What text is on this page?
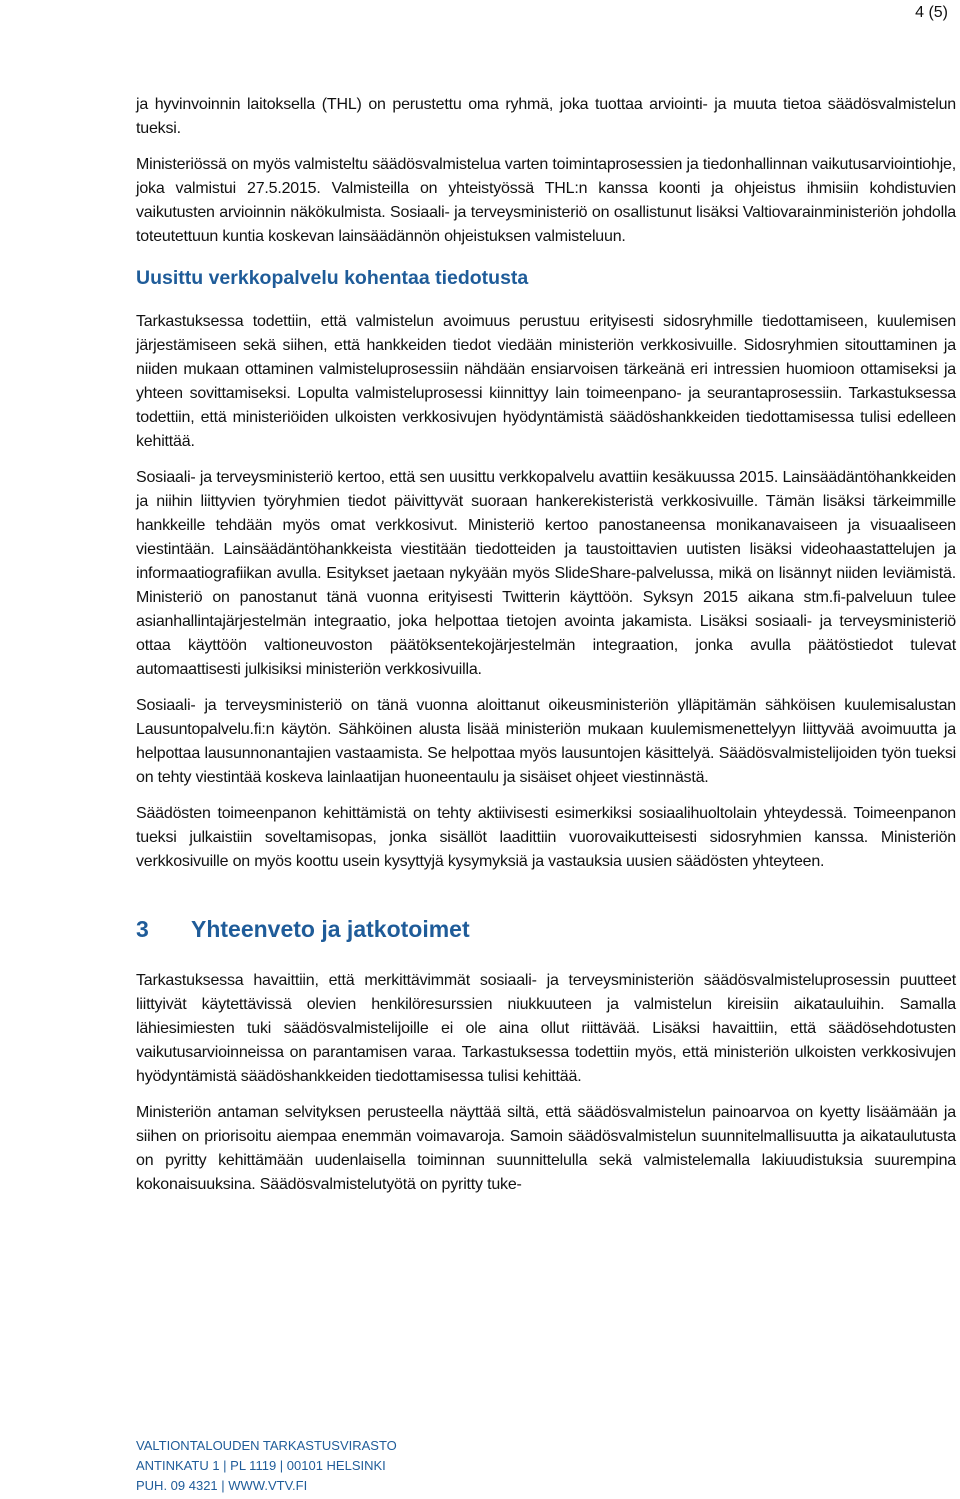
4 (5)

ja hyvinvoinnin laitoksella (THL) on perustettu oma ryhmä, joka tuottaa arviointi- ja muuta tietoa säädösvalmistelun tueksi.

Ministeriössä on myös valmisteltu säädösvalmistelua varten toimintaprosessien ja tiedonhallinnan vaikutusarviointiohje, joka valmistui 27.5.2015. Valmisteilla on yhteistyössä THL:n kanssa koonti ja ohjeistus ihmisiin kohdistuvien vaikutusten arvioinnin näkökulmista. Sosiaali- ja terveysministeriö on osallistunut lisäksi Valtiovarainministeriön johdolla toteutettuun kuntia koskevan lainsäädännön ohjeistuksen valmisteluun.

Uusittu verkkopalvelu kohentaa tiedotusta

Tarkastuksessa todettiin, että valmistelun avoimuus perustuu erityisesti sidosryhmille tiedottamiseen, kuulemisen järjestämiseen sekä siihen, että hankkeiden tiedot viedään ministeriön verkkosivuille. Sidosryhmien sitouttaminen ja niiden mukaan ottaminen valmisteluprosessiin nähdään ensiarvoisen tärkeänä eri intressien huomioon ottamiseksi ja yhteen sovittamiseksi. Lopulta valmisteluprosessi kiinnittyy lain toimeenpano- ja seurantaprosessiin. Tarkastuksessa todettiin, että ministeriöiden ulkoisten verkkosivujen hyödyntämistä säädöshankkeiden tiedottamisessa tulisi edelleen kehittää.

Sosiaali- ja terveysministeriö kertoo, että sen uusittu verkkopalvelu avattiin kesäkuussa 2015. Lainsäädäntöhankkeiden ja niihin liittyvien työryhmien tiedot päivittyvät suoraan hankerekisteristä verkkosivuille. Tämän lisäksi tärkeimmille hankkeille tehdään myös omat verkkosivut. Ministeriö kertoo panostaneensa monikanavaiseen ja visuaaliseen viestintään. Lainsäädäntöhankkeista viestitään tiedotteiden ja taustoittavien uutisten lisäksi videohaastattelujen ja informaatiografiikan avulla. Esitykset jaetaan nykyään myös SlideShare-palvelussa, mikä on lisännyt niiden leviämistä. Ministeriö on panostanut tänä vuonna erityisesti Twitterin käyttöön. Syksyn 2015 aikana stm.fi-palveluun tulee asianhallintajärjestelmän integraatio, joka helpottaa tietojen avointa jakamista. Lisäksi sosiaali- ja terveysministeriö ottaa käyttöön valtioneuvoston päätöksentekojärjestelmän integraation, jonka avulla päätöstiedot tulevat automaattisesti julkisiksi ministeriön verkkosivuilla.

Sosiaali- ja terveysministeriö on tänä vuonna aloittanut oikeusministeriön ylläpitämän sähköisen kuulemisalustan Lausuntopalvelu.fi:n käytön. Sähköinen alusta lisää ministeriön mukaan kuulemismenettelyyn liittyvää avoimuutta ja helpottaa lausunnonantajien vastaamista. Se helpottaa myös lausuntojen käsittelyä. Säädösvalmistelijoiden työn tueksi on tehty viestintää koskeva lainlaatijan huoneentaulu ja sisäiset ohjeet viestinnästä.

Säädösten toimeenpanon kehittämistä on tehty aktiivisesti esimerkiksi sosiaalihuoltolain yhteydessä. Toimeenpanon tueksi julkaistiin soveltamisopas, jonka sisällöt laadittiin vuorovaikutteisesti sidosryhmien kanssa. Ministeriön verkkosivuille on myös koottu usein kysyttyjä kysymyksiä ja vastauksia uusien säädösten yhteyteen.

3 Yhteenveto ja jatkotoimet

Tarkastuksessa havaittiin, että merkittävimmät sosiaali- ja terveysministeriön säädösvalmisteluprosessin puutteet liittyivät käytettävissä olevien henkilöresurssien niukkuuteen ja valmistelun kireisiin aikatauluihin. Samalla lähiesimiesten tuki säädösvalmistelijoille ei ole aina ollut riittävää. Lisäksi havaittiin, että säädösehdotusten vaikutusarvioinneissa on parantamisen varaa. Tarkastuksessa todettiin myös, että ministeriön ulkoisten verkkosivujen hyödyntämistä säädöshankkeiden tiedottamisessa tulisi kehittää.

Ministeriön antaman selvityksen perusteella näyttää siltä, että säädösvalmistelun painoarvoa on kyetty lisäämään ja siihen on priorisoitu aiempaa enemmän voimavaroja. Samoin säädösvalmistelun suunnitelmallisuutta ja aikataulutusta on pyritty kehittämään uudenlaisella toiminnan suunnittelulla sekä valmistelemalla lakiuudistuksia suurempina kokonaisuuksina. Säädösvalmistelutyötä on pyritty tuke-

VALTIONTALOUDEN TARKASTUSVIRASTO
ANTINKATU 1 | PL 1119 | 00101 HELSINKI
PUH. 09 4321 | WWW.VTV.FI
